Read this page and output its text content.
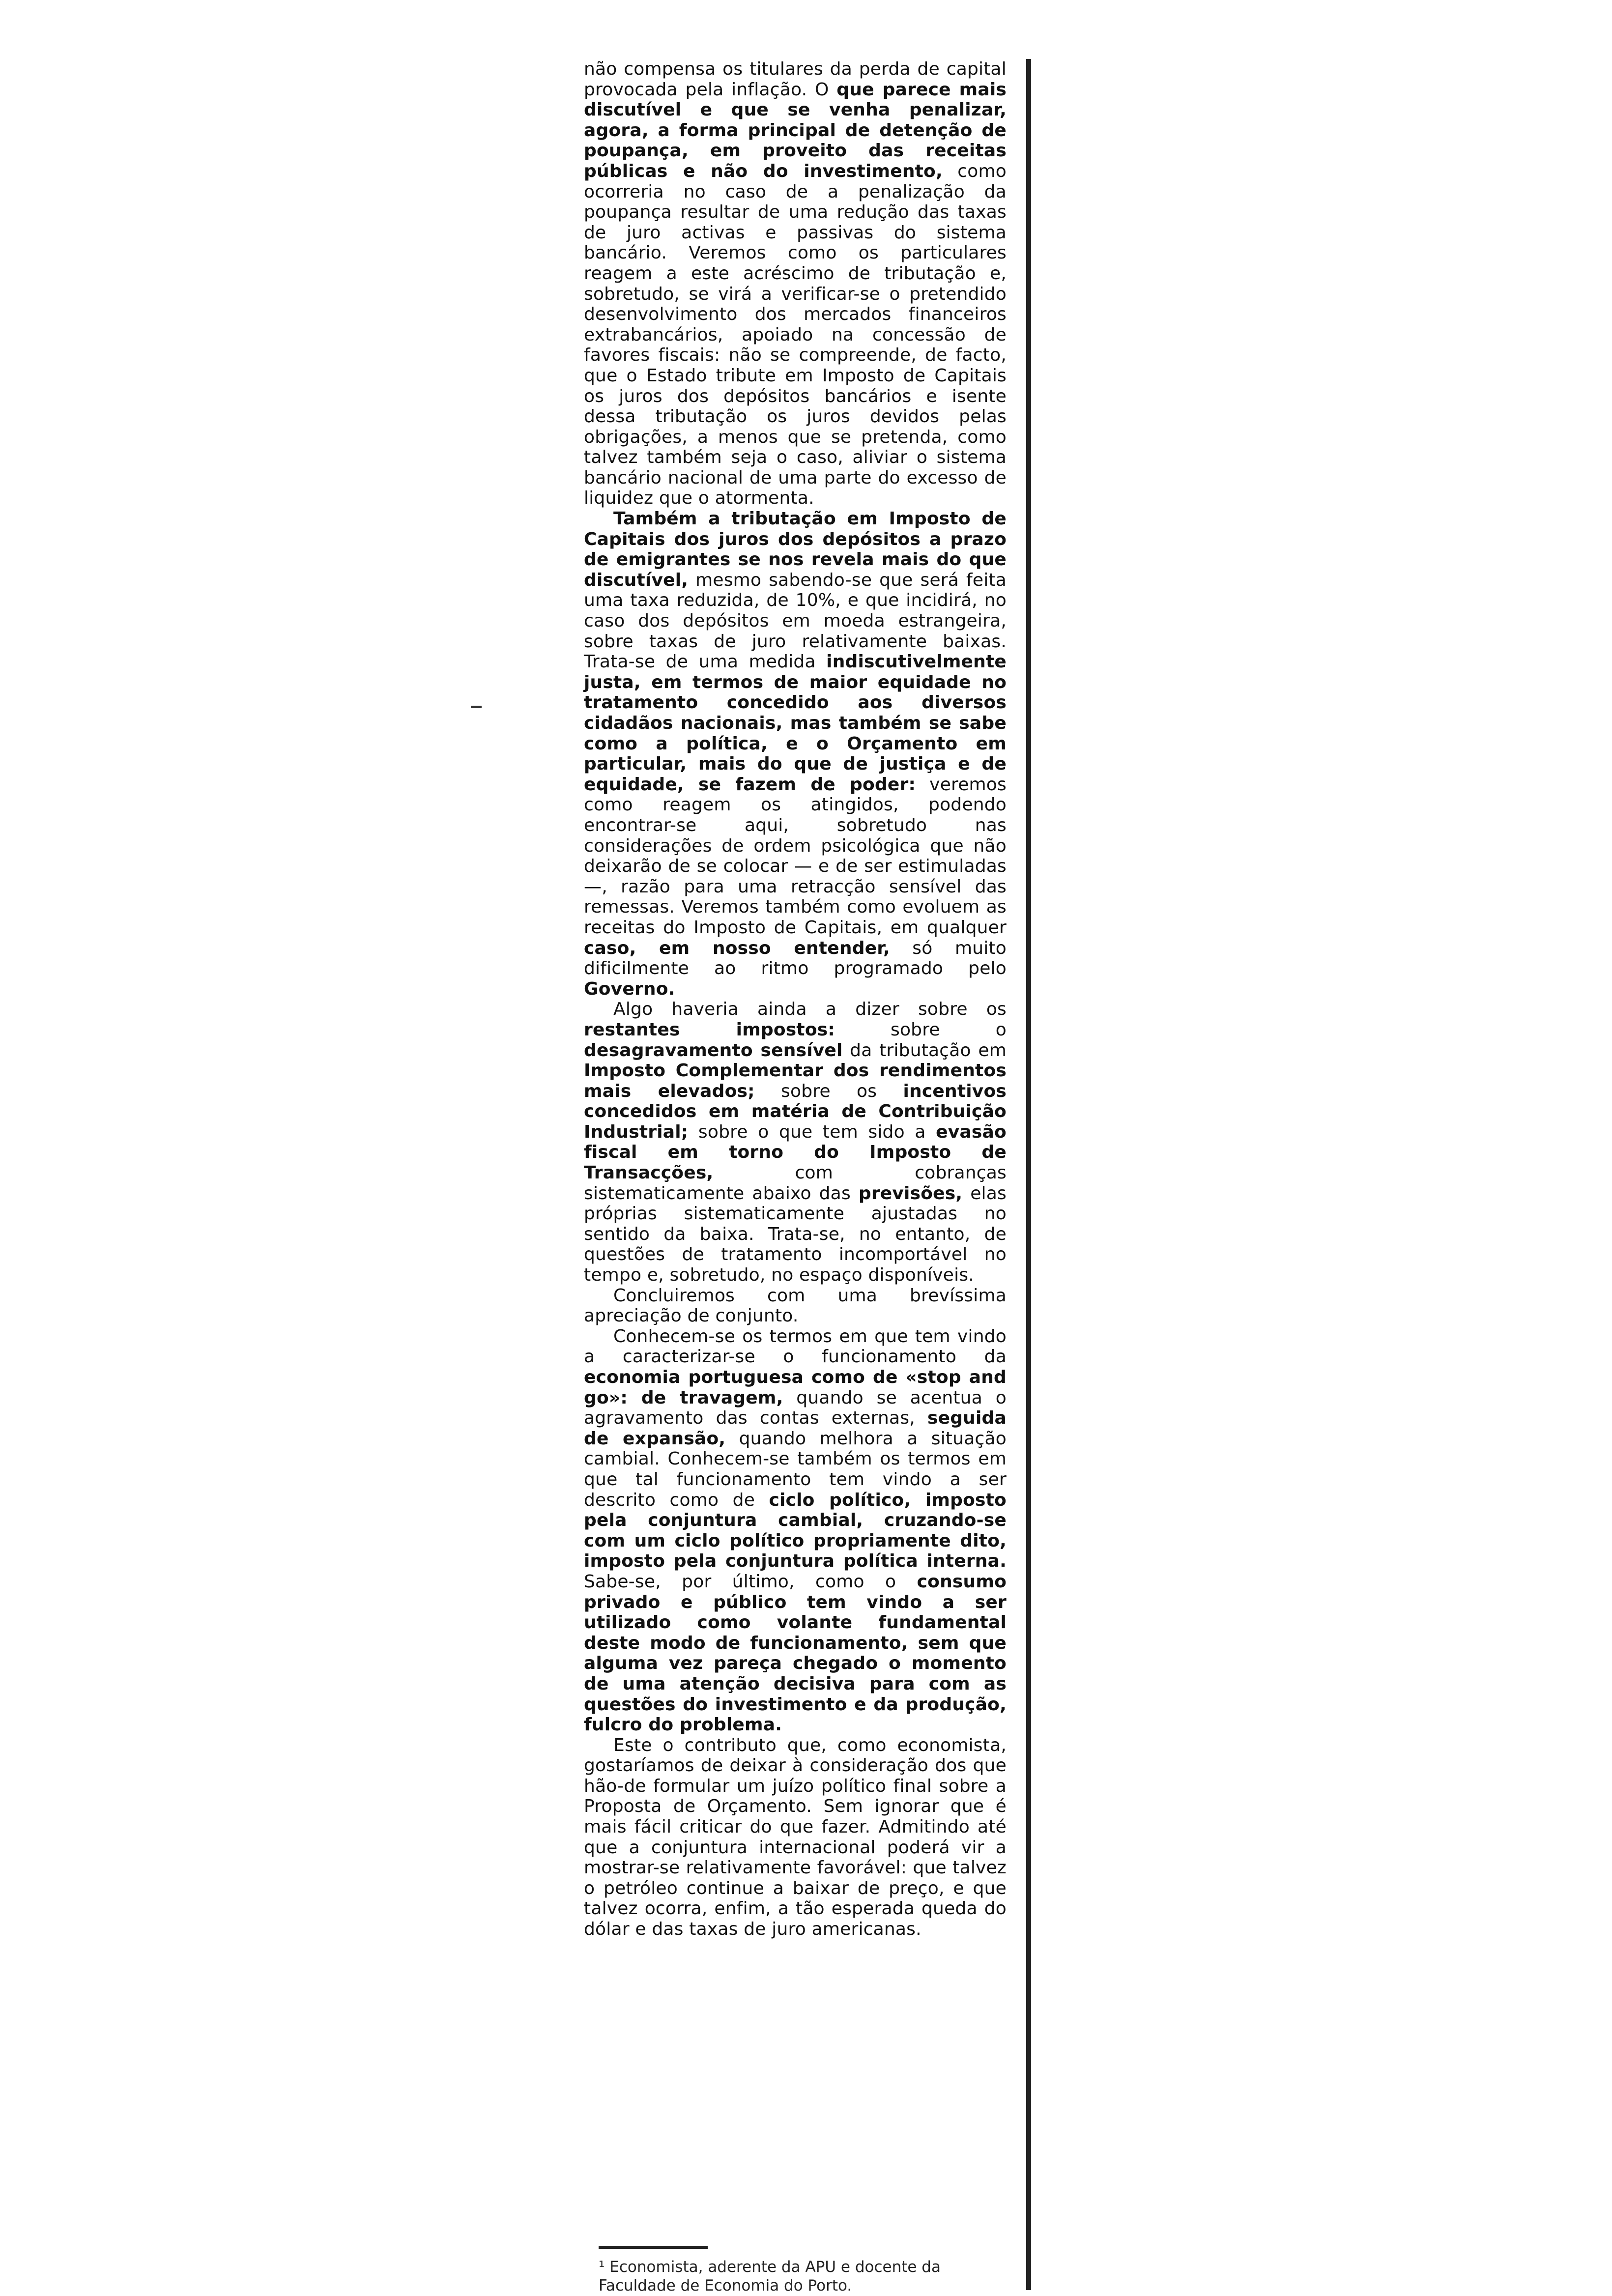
não compensa os titulares da perda de capital provocada pela inflação. O que parece mais discutível e que se venha penalizar, agora, a forma principal de detenção de poupança, em proveito das receitas públicas e não do investimento, como ocorreria no caso de a penalização da poupança resultar de uma redução das taxas de juro activas e passivas do sistema bancário. Veremos como os particulares reagem a este acréscimo de tributação e, sobretudo, se virá a verificar-se o pretendido desenvolvimento dos mercados financeiros extrabancários, apoiado na concessão de favores fiscais: não se compreende, de facto, que o Estado tribute em Imposto de Capitais os juros dos depósitos bancários e isente dessa tributação os juros devidos pelas obrigações, a menos que se pretenda, como talvez também seja o caso, aliviar o sistema bancário nacional de uma parte do excesso de liquidez que o atormenta.

Também a tributação em Imposto de Capitais dos juros dos depósitos a prazo de emigrantes se nos revela mais do que discutível, mesmo sabendo-se que será feita uma taxa reduzida, de 10%, e que incidirá, no caso dos depósitos em moeda estrangeira, sobre taxas de juro relativamente baixas. Trata-se de uma medida indiscutivelmente justa, em termos de maior equidade no tratamento concedido aos diversos cidadãos nacionais, mas também se sabe como a política, e o Orçamento em particular, mais do que de justiça e de equidade, se fazem de poder: veremos como reagem os atingidos, podendo encontrar-se aqui, sobretudo nas considerações de ordem psicológica que não deixarão de se colocar — e de ser estimuladas —, razão para uma retracção sensível das remessas. Veremos também como evoluem as receitas do Imposto de Capitais, em qualquer caso, em nosso entender, só muito dificilmente ao ritmo programado pelo Governo.

Algo haveria ainda a dizer sobre os restantes impostos: sobre o desagravamento sensível da tributação em Imposto Complementar dos rendimentos mais elevados; sobre os incentivos concedidos em matéria de Contribuição Industrial; sobre o que tem sido a evasão fiscal em torno do Imposto de Transacções, com cobranças sistematicamente abaixo das previsões, elas próprias sistematicamente ajustadas no sentido da baixa. Trata-se, no entanto, de questões de tratamento incomportável no tempo e, sobretudo, no espaço disponíveis.

Concluiremos com uma brevíssima apreciação de conjunto.

Conhecem-se os termos em que tem vindo a caracterizar-se o funcionamento da economia portuguesa como de «stop and go»: de travagem, quando se acentua o agravamento das contas externas, seguida de expansão, quando melhora a situação cambial. Conhecem-se também os termos em que tal funcionamento tem vindo a ser descrito como de ciclo político, imposto pela conjuntura cambial, cruzando-se com um ciclo político propriamente dito, imposto pela conjuntura política interna. Sabe-se, por último, como o consumo privado e público tem vindo a ser utilizado como volante fundamental deste modo de funcionamento, sem que alguma vez pareça chegado o momento de uma atenção decisiva para com as questões do investimento e da produção, fulcro do problema.

Este o contributo que, como economista, gostaríamos de deixar à consideração dos que hão-de formular um juízo político final sobre a Proposta de Orçamento. Sem ignorar que é mais fácil criticar do que fazer. Admitindo até que a conjuntura internacional poderá vir a mostrar-se relativamente favorável: que talvez o petróleo continue a baixar de preço, e que talvez ocorra, enfim, a tão esperada queda do dólar e das taxas de juro americanas.

¹ Economista, aderente da APU e docente da Faculdade de Economia do Porto.
